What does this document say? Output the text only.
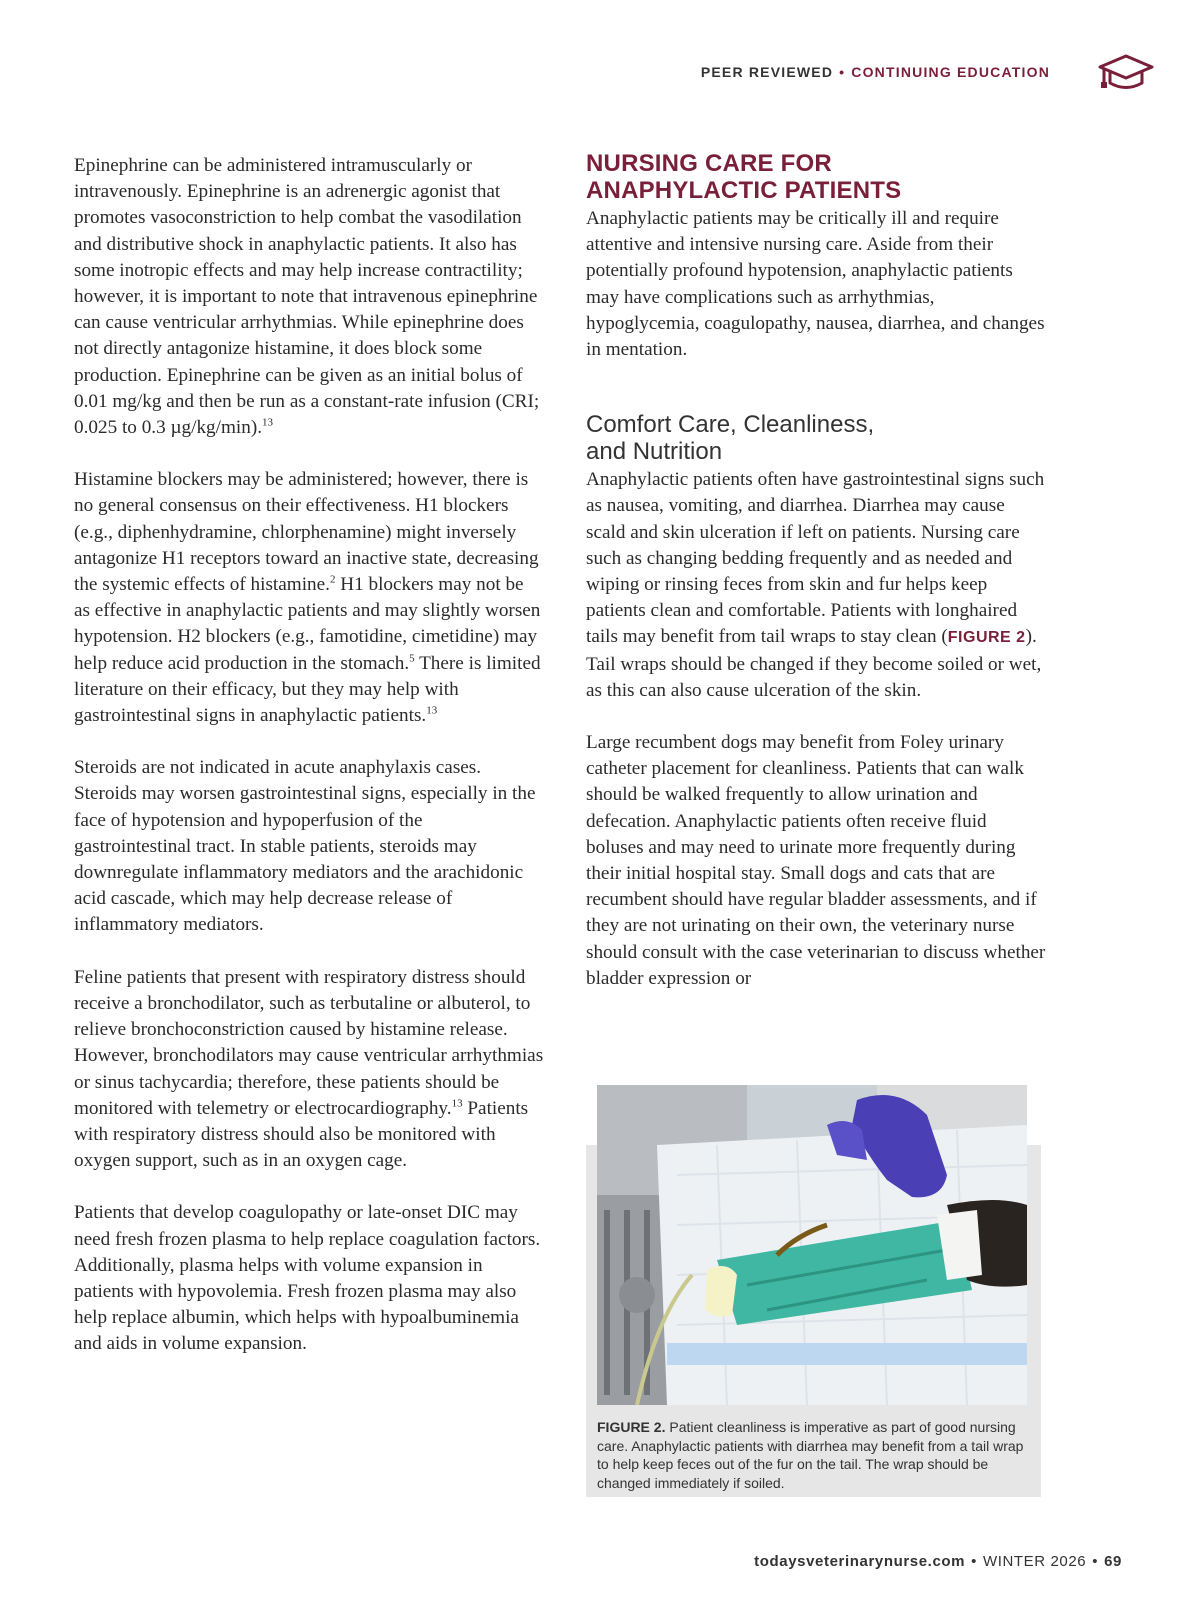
PEER REVIEWED • CONTINUING EDUCATION

Epinephrine can be administered intramuscularly or intravenously. Epinephrine is an adrenergic agonist that promotes vasoconstriction to help combat the vasodilation and distributive shock in anaphylactic patients. It also has some inotropic effects and may help increase contractility; however, it is important to note that intravenous epinephrine can cause ventricular arrhythmias. While epinephrine does not directly antagonize histamine, it does block some production. Epinephrine can be given as an initial bolus of 0.01 mg/kg and then be run as a constant-rate infusion (CRI; 0.025 to 0.3 µg/kg/min).$^{13}$

Histamine blockers may be administered; however, there is no general consensus on their effectiveness. H1 blockers (e.g., diphenhydramine, chlorphenamine) might inversely antagonize H1 receptors toward an inactive state, decreasing the systemic effects of histamine.$^2$ H1 blockers may not be as effective in anaphylactic patients and may slightly worsen hypotension. H2 blockers (e.g., famotidine, cimetidine) may help reduce acid production in the stomach.$^5$ There is limited literature on their efficacy, but they may help with gastrointestinal signs in anaphylactic patients.$^{13}$

Steroids are not indicated in acute anaphylaxis cases. Steroids may worsen gastrointestinal signs, especially in the face of hypotension and hypoperfusion of the gastrointestinal tract. In stable patients, steroids may downregulate inflammatory mediators and the arachidonic acid cascade, which may help decrease release of inflammatory mediators.

Feline patients that present with respiratory distress should receive a bronchodilator, such as terbutaline or albuterol, to relieve bronchoconstriction caused by histamine release. However, bronchodilators may cause ventricular arrhythmias or sinus tachycardia; therefore, these patients should be monitored with telemetry or electrocardiography.$^{13}$ Patients with respiratory distress should also be monitored with oxygen support, such as in an oxygen cage.

Patients that develop coagulopathy or late-onset DIC may need fresh frozen plasma to help replace coagulation factors. Additionally, plasma helps with volume expansion in patients with hypovolemia. Fresh frozen plasma may also help replace albumin, which helps with hypoalbuminemia and aids in volume expansion.

NURSING CARE FOR
ANAPHYLACTIC PATIENTS

Anaphylactic patients may be critically ill and require attentive and intensive nursing care. Aside from their potentially profound hypotension, anaphylactic patients may have complications such as arrhythmias, hypoglycemia, coagulopathy, nausea, diarrhea, and changes in mentation.

Comfort Care, Cleanliness,
and Nutrition

Anaphylactic patients often have gastrointestinal signs such as nausea, vomiting, and diarrhea. Diarrhea may cause scald and skin ulceration if left on patients. Nursing care such as changing bedding frequently and as needed and wiping or rinsing feces from skin and fur helps keep patients clean and comfortable. Patients with longhaired tails may benefit from tail wraps to stay clean (FIGURE 2). Tail wraps should be changed if they become soiled or wet, as this can also cause ulceration of the skin.

Large recumbent dogs may benefit from Foley urinary catheter placement for cleanliness. Patients that can walk should be walked frequently to allow urination and defecation. Anaphylactic patients often receive fluid boluses and may need to urinate more frequently during their initial hospital stay. Small dogs and cats that are recumbent should have regular bladder assessments, and if they are not urinating on their own, the veterinary nurse should consult with the case veterinarian to discuss whether bladder expression or

FIGURE 2. Patient cleanliness is imperative as part of good nursing care. Anaphylactic patients with diarrhea may benefit from a tail wrap to help keep feces out of the fur on the tail. The wrap should be changed immediately if soiled.
todaysveterinarynurse.com • WINTER 2026 • 69
